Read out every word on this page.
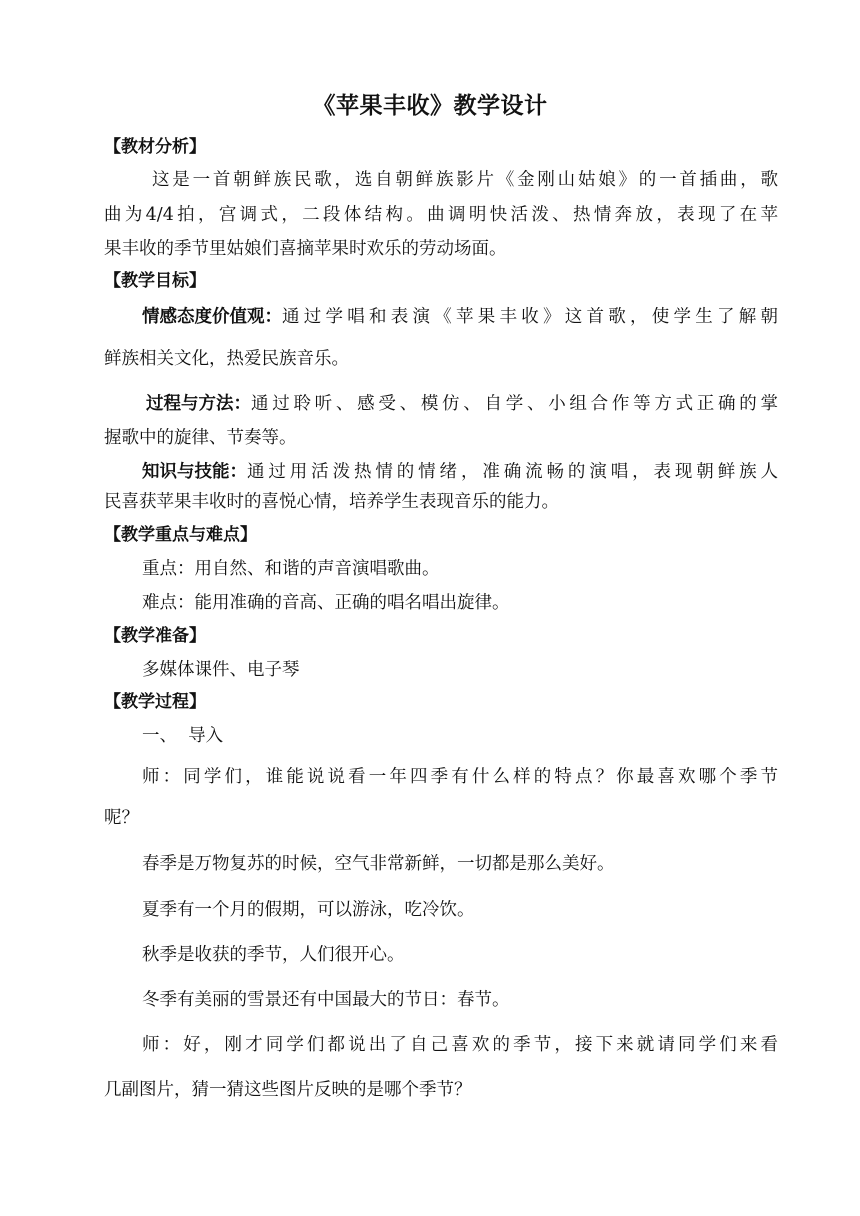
《苹果丰收》教学设计
【教材分析】
这是一首朝鲜族民歌，选自朝鲜族影片《金刚山姑娘》的一首插曲，歌
曲为4/4拍，宫调式，二段体结构。曲调明快活泼、热情奔放，表现了在苹
果丰收的季节里姑娘们喜摘苹果时欢乐的劳动场面。
【教学目标】
情感态度价值观： 通过学唱和表演《苹果丰收》这首歌，使学生了解朝
鲜族相关文化，热爱民族音乐。
过程与方法： 通过聆听、感受、模仿、自学、小组合作等方式正确的掌
握歌中的旋律、节奏等。
知识与技能： 通过用活泼热情的情绪，准确流畅的演唱，表现朝鲜族人
民喜获苹果丰收时的喜悦心情，培养学生表现音乐的能力。
【教学重点与难点】
重点：用自然、和谐的声音演唱歌曲。
难点：能用准确的音高、正确的唱名唱出旋律。
【教学准备】
多媒体课件、电子琴
【教学过程】
一、  导入
师：同学们，谁能说说看一年四季有什么样的特点？你最喜欢哪个季节
呢？
春季是万物复苏的时候，空气非常新鲜，一切都是那么美好。
夏季有一个月的假期，可以游泳，吃冷饮。
秋季是收获的季节，人们很开心。
冬季有美丽的雪景还有中国最大的节日：春节。
师：好，刚才同学们都说出了自己喜欢的季节，接下来就请同学们来看
几副图片，猜一猜这些图片反映的是哪个季节？
